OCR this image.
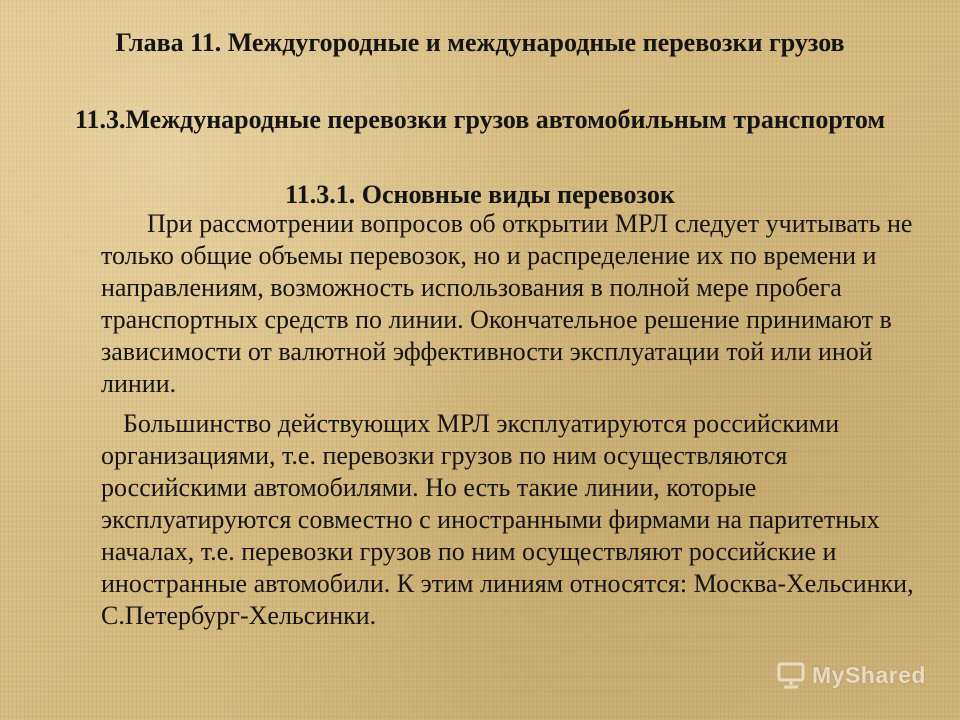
Глава 11. Междугородные и международные перевозки грузов
11.3.Международные перевозки грузов автомобильным транспортом
11.3.1. Основные виды перевозок

При рассмотрении вопросов об открытии МРЛ следует учитывать не только общие объемы перевозок, но и распределение их по времени и направлениям, возможность использования в полной мере пробега транспортных средств по линии. Окончательное решение принимают в зависимости от валютной эффективности эксплуатации той или иной линии.

Большинство действующих МРЛ эксплуатируются российскими организациями, т.е. перевозки грузов по ним осуществляются российскими автомобилями. Но есть такие линии, которые эксплуатируются совместно с иностранными фирмами на паритетных началах, т.е. перевозки грузов по ним осуществляют российские и иностранные автомобили. К этим линиям относятся: Москва-Хельсинки, С.Петербург-Хельсинки.

MyShared
